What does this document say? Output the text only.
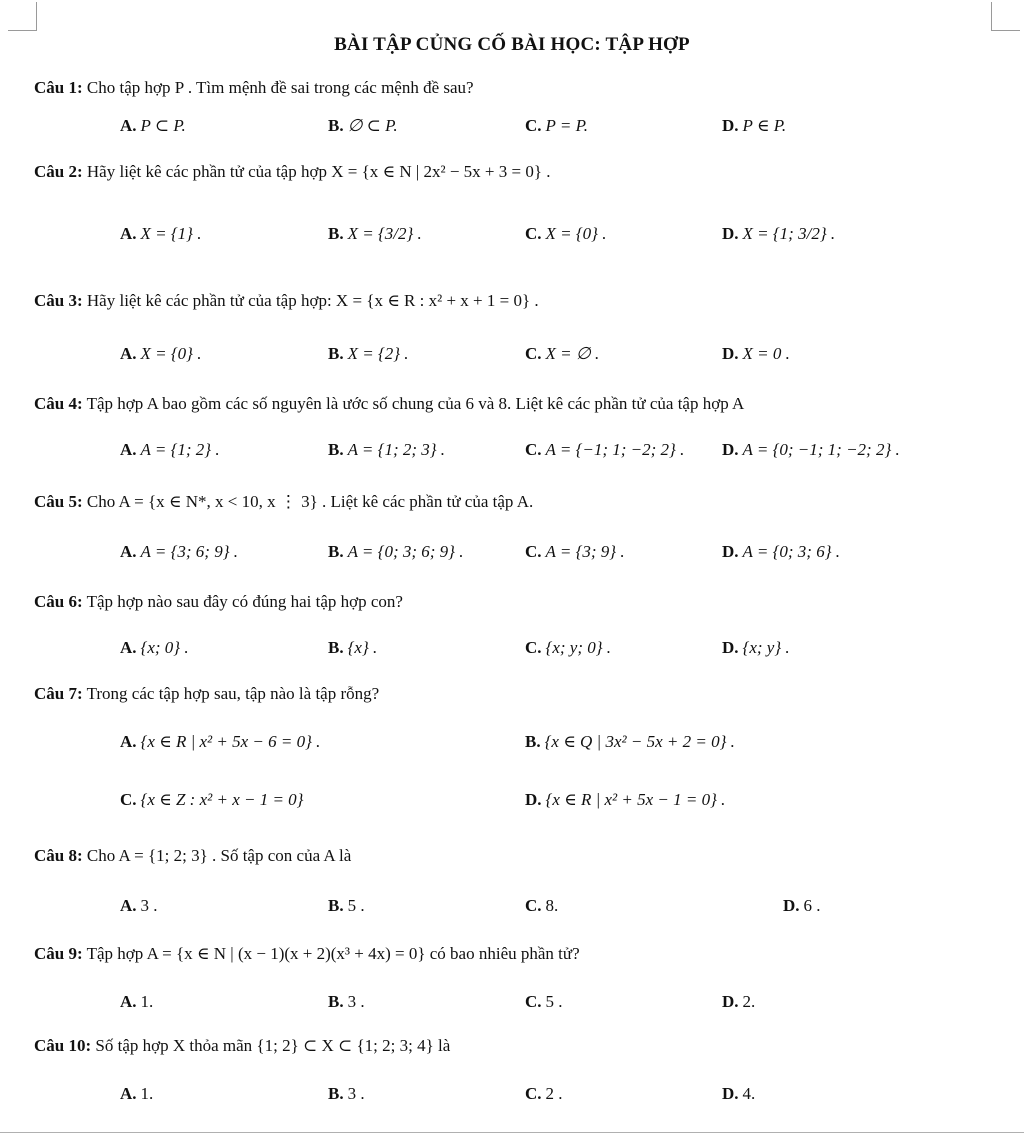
BÀI TẬP CỦNG CỐ BÀI HỌC: TẬP HỢP
Câu 1: Cho tập hợp P . Tìm mệnh đề sai trong các mệnh đề sau?
A. P ⊂ P.	B. ∅ ⊂ P.	C. P = P.	D. P ∈ P.
Câu 2: Hãy liệt kê các phần tử của tập hợp X = {x ∈ N | 2x² − 5x + 3 = 0} .
A. X = {1} .	B. X = {3/2} .	C. X = {0} .	D. X = {1; 3/2} .
Câu 3: Hãy liệt kê các phần tử của tập hợp: X = {x ∈ R : x² + x + 1 = 0} .
A. X = {0} .	B. X = {2} .	C. X = ∅ .	D. X = 0 .
Câu 4: Tập hợp A bao gồm các số nguyên là ước số chung của 6 và 8. Liệt kê các phần tử của tập hợp A
A. A = {1; 2} .	B. A = {1; 2; 3} .	C. A = {−1; 1; −2; 2} . D. A = {0; −1; 1; −2; 2} .
Câu 5: Cho A = {x ∈ N*, x < 10, x ⋮ 3} . Liệt kê các phần tử của tập A.
A. A = {3; 6; 9} .	B. A = {0; 3; 6; 9} .	C. A = {3; 9} .	D. A = {0; 3; 6} .
Câu 6: Tập hợp nào sau đây có đúng hai tập hợp con?
A. {x; 0} .	B. {x} .	C. {x; y; 0} .	D. {x; y} .
Câu 7: Trong các tập hợp sau, tập nào là tập rỗng?
A. {x ∈ R | x² + 5x − 6 = 0} .	B. {x ∈ Q | 3x² − 5x + 2 = 0} .
C. {x ∈ Z : x² + x − 1 = 0}	D. {x ∈ R | x² + 5x − 1 = 0} .
Câu 8: Cho A = {1; 2; 3} . Số tập con của A là
A. 3 .	B. 5 .	C. 8.	D. 6 .
Câu 9: Tập hợp A = {x ∈ N | (x − 1)(x + 2)(x³ + 4x) = 0} có bao nhiêu phần tử?
A. 1.	B. 3 .	C. 5 .	D. 2.
Câu 10: Số tập hợp X thỏa mãn {1; 2} ⊂ X ⊂ {1; 2; 3; 4} là
A. 1.	B. 3 .	C. 2 .	D. 4.
